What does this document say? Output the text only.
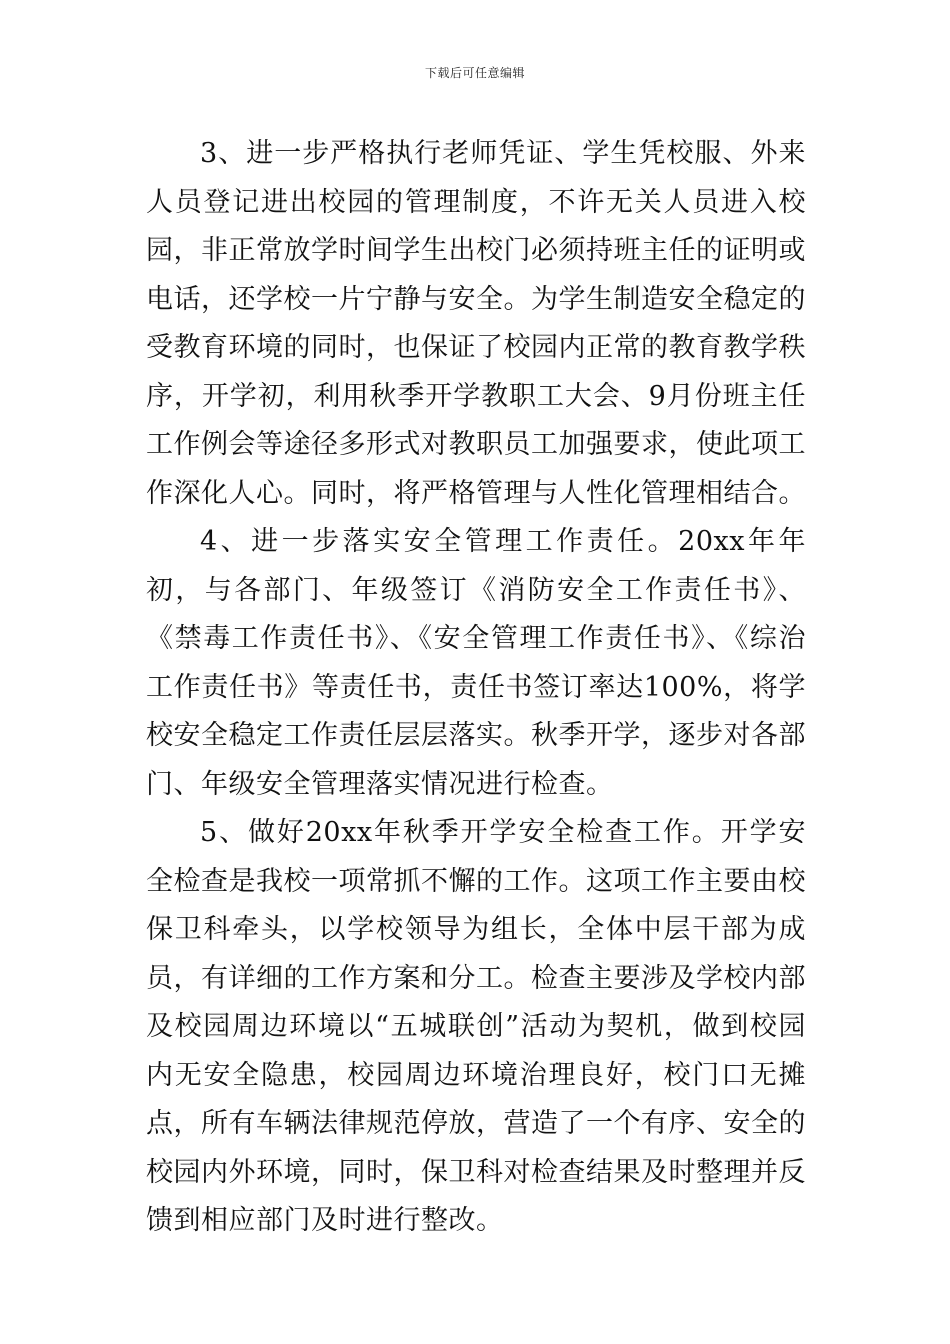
下载后可任意编辑

3、进一步严格执行老师凭证、学生凭校服、外来人员登记进出校园的管理制度，不许无关人员进入校园，非正常放学时间学生出校门必须持班主任的证明或电话，还学校一片宁静与安全。为学生制造安全稳定的受教育环境的同时，也保证了校园内正常的教育教学秩序，开学初，利用秋季开学教职工大会、9月份班主任工作例会等途径多形式对教职员工加强要求，使此项工作深化人心。同时，将严格管理与人性化管理相结合。

4、进一步落实安全管理工作责任。20xx年年初，与各部门、年级签订《消防安全工作责任书》、《禁毒工作责任书》、《安全管理工作责任书》、《综治工作责任书》等责任书，责任书签订率达100%，将学校安全稳定工作责任层层落实。秋季开学，逐步对各部门、年级安全管理落实情况进行检查。

5、做好20xx年秋季开学安全检查工作。开学安全检查是我校一项常抓不懈的工作。这项工作主要由校保卫科牵头，以学校领导为组长，全体中层干部为成员，有详细的工作方案和分工。检查主要涉及学校内部及校园周边环境以“五城联创”活动为契机，做到校园内无安全隐患，校园周边环境治理良好，校门口无摊点，所有车辆法律规范停放，营造了一个有序、安全的校园内外环境，同时，保卫科对检查结果及时整理并反馈到相应部门及时进行整改。
